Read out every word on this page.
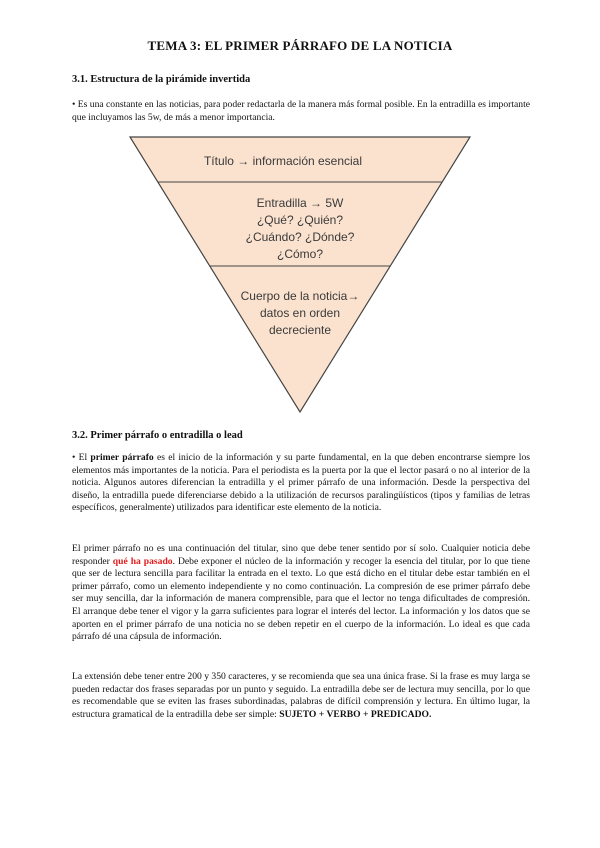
TEMA 3: EL PRIMER PÁRRAFO DE LA NOTICIA
3.1. Estructura de la pirámide invertida

• Es una constante en las noticias, para poder redactarla de la manera más formal posible. En la entradilla es importante que incluyamos las 5w, de más a menor importancia.

Título → información esencial
Entradilla → 5W
¿Qué? ¿Quién?
¿Cuándo? ¿Dónde?
¿Cómo?
Cuerpo de la noticia→
datos en orden
decreciente
3.2. Primer párrafo o entradilla o lead

• El primer párrafo es el inicio de la información y su parte fundamental, en la que deben encontrarse siempre los elementos más importantes de la noticia. Para el periodista es la puerta por la que el lector pasará o no al interior de la noticia. Algunos autores diferencian la entradilla y el primer párrafo de una información. Desde la perspectiva del diseño, la entradilla puede diferenciarse debido a la utilización de recursos paralingüísticos (tipos y familias de letras específicos, generalmente) utilizados para identificar este elemento de la noticia.

El primer párrafo no es una continuación del titular, sino que debe tener sentido por sí solo. Cualquier noticia debe responder qué ha pasado. Debe exponer el núcleo de la información y recoger la esencia del titular, por lo que tiene que ser de lectura sencilla para facilitar la entrada en el texto. Lo que está dicho en el titular debe estar también en el primer párrafo, como un elemento independiente y no como continuación. La compresión de ese primer párrafo debe ser muy sencilla, dar la información de manera comprensible, para que el lector no tenga dificultades de compresión. El arranque debe tener el vigor y la garra suficientes para lograr el interés del lector. La información y los datos que se aporten en el primer párrafo de una noticia no se deben repetir en el cuerpo de la información. Lo ideal es que cada párrafo dé una cápsula de información.

La extensión debe tener entre 200 y 350 caracteres, y se recomienda que sea una única frase. Si la frase es muy larga se pueden redactar dos frases separadas por un punto y seguido. La entradilla debe ser de lectura muy sencilla, por lo que es recomendable que se eviten las frases subordinadas, palabras de difícil comprensión y lectura. En último lugar, la estructura gramatical de la entradilla debe ser simple: SUJETO + VERBO + PREDICADO.
